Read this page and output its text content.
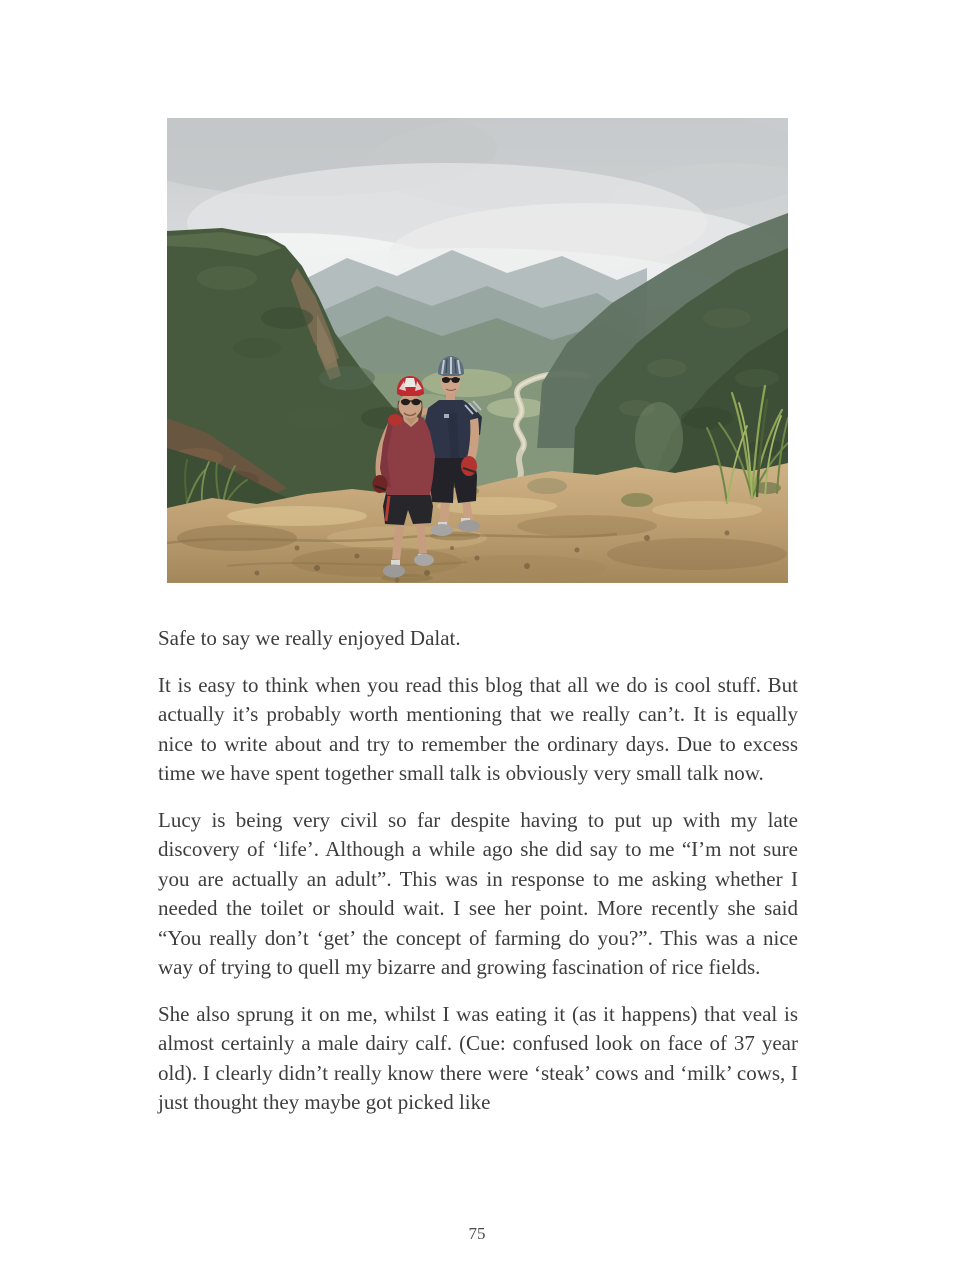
Safe to say we really enjoyed Dalat.

It is easy to think when you read this blog that all we do is cool stuff. But actually it’s probably worth mentioning that we really can’t. It is equally nice to write about and try to remember the ordinary days. Due to excess time we have spent together small talk is obviously very small talk now.

Lucy is being very civil so far despite having to put up with my late discovery of ‘life’. Although a while ago she did say to me “I’m not sure you are actually an adult”. This was in response to me asking whether I needed the toilet or should wait. I see her point. More recently she said “You really don’t ‘get’ the concept of farming do you?”. This was a nice way of trying to quell my bizarre and growing fascination of rice fields.

She also sprung it on me, whilst I was eating it (as it happens) that veal is almost certainly a male dairy calf. (Cue: confused look on face of 37 year old). I clearly didn’t really know there were ‘steak’ cows and ‘milk’ cows, I just thought they maybe got picked like

75
